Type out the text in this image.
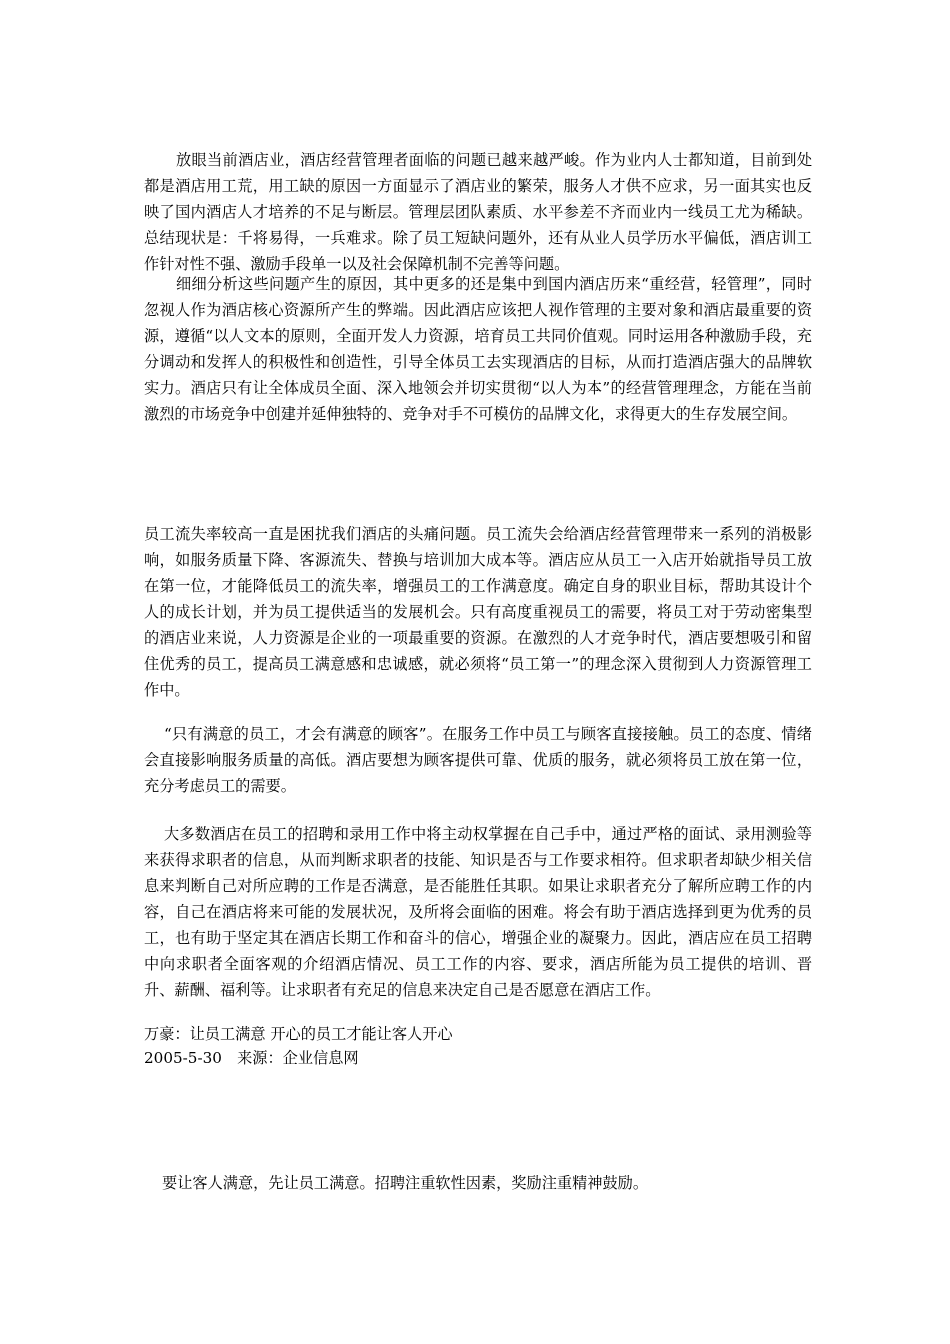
放眼当前酒店业，酒店经营管理者面临的问题已越来越严峻。作为业内人士都知道，目前到处都是酒店用工荒，用工缺的原因一方面显示了酒店业的繁荣，服务人才供不应求，另一面其实也反映了国内酒店人才培养的不足与断层。管理层团队素质、水平参差不齐而业内一线员工尤为稀缺。总结现状是：千将易得，一兵难求。除了员工短缺问题外，还有从业人员学历水平偏低，酒店训工作针对性不强、激励手段单一以及社会保障机制不完善等问题。

细细分析这些问题产生的原因，其中更多的还是集中到国内酒店历来“重经营，轻管理”，同时忽视人作为酒店核心资源所产生的弊端。因此酒店应该把人视作管理的主要对象和酒店最重要的资源，遵循“以人文本的原则，全面开发人力资源，培育员工共同价值观。同时运用各种激励手段，充分调动和发挥人的积极性和创造性，引导全体员工去实现酒店的目标，从而打造酒店强大的品牌软实力。酒店只有让全体成员全面、深入地领会并切实贯彻“以人为本”的经营管理理念，方能在当前激烈的市场竞争中创建并延伸独特的、竞争对手不可模仿的品牌文化，求得更大的生存发展空间。

员工流失率较高一直是困扰我们酒店的头痛问题。员工流失会给酒店经营管理带来一系列的消极影响，如服务质量下降、客源流失、替换与培训加大成本等。酒店应从员工一入店开始就指导员工放在第一位，才能降低员工的流失率，增强员工的工作满意度。确定自身的职业目标，帮助其设计个人的成长计划，并为员工提供适当的发展机会。只有高度重视员工的需要，将员工对于劳动密集型的酒店业来说，人力资源是企业的一项最重要的资源。在激烈的人才竞争时代，酒店要想吸引和留住优秀的员工，提高员工满意感和忠诚感，就必须将“员工第一”的理念深入贯彻到人力资源管理工作中。

“只有满意的员工，才会有满意的顾客”。在服务工作中员工与顾客直接接触。员工的态度、情绪会直接影响服务质量的高低。酒店要想为顾客提供可靠、优质的服务，就必须将员工放在第一位，充分考虑员工的需要。

大多数酒店在员工的招聘和录用工作中将主动权掌握在自己手中，通过严格的面试、录用测验等来获得求职者的信息，从而判断求职者的技能、知识是否与工作要求相符。但求职者却缺少相关信息来判断自己对所应聘的工作是否满意，是否能胜任其职。如果让求职者充分了解所应聘工作的内容，自己在酒店将来可能的发展状况，及所将会面临的困难。将会有助于酒店选择到更为优秀的员工，也有助于坚定其在酒店长期工作和奋斗的信心，增强企业的凝聚力。因此，酒店应在员工招聘中向求职者全面客观的介绍酒店情况、员工工作的内容、要求，酒店所能为员工提供的培训、晋升、薪酬、福利等。让求职者有充足的信息来决定自己是否愿意在酒店工作。

万豪：让员工满意 开心的员工才能让客人开心

2005-5-30　来源：企业信息网

要让客人满意，先让员工满意。招聘注重软性因素，奖励注重精神鼓励。
